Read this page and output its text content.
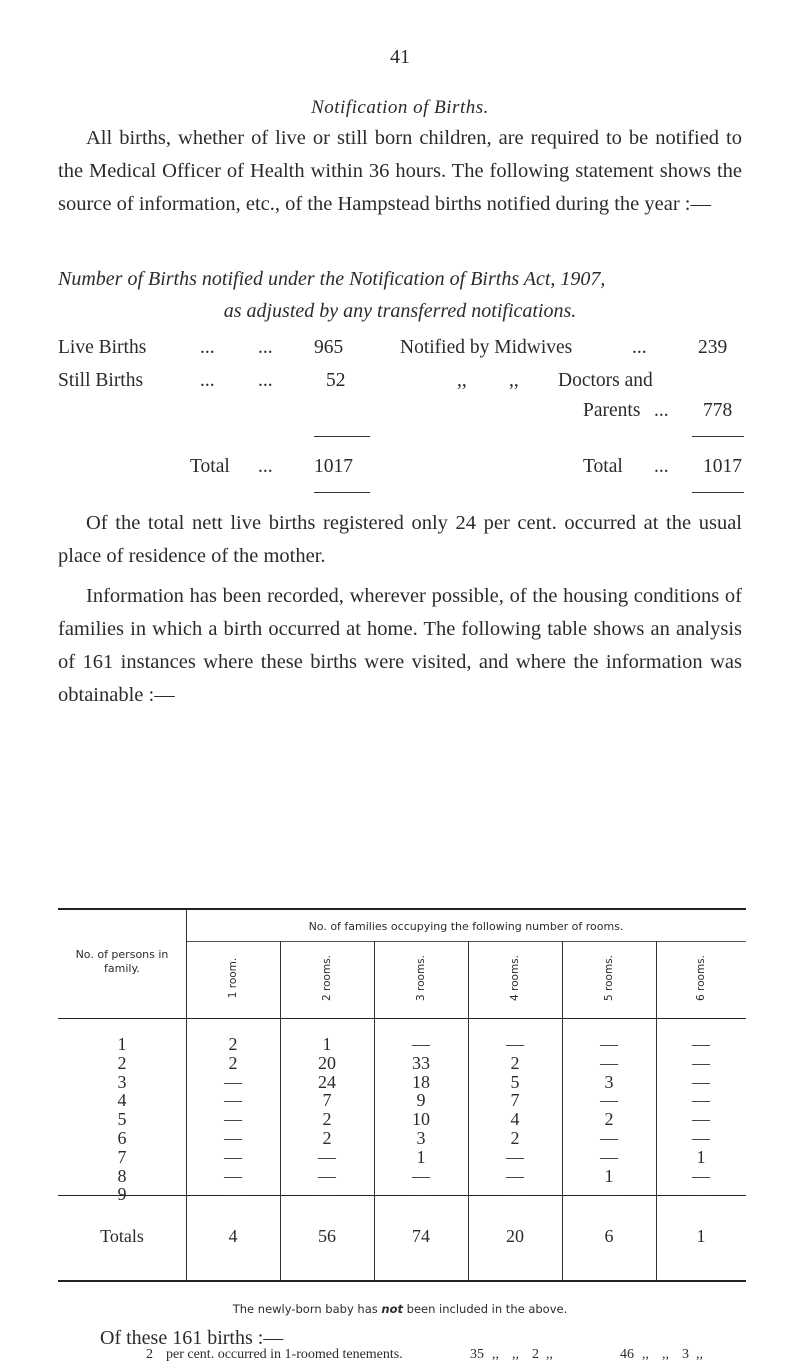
41
Notification of Births.
All births, whether of live or still born children, are required to be notified to the Medical Officer of Health within 36 hours. The following statement shows the source of information, etc., of the Hampstead births notified during the year :—
Number of Births notified under the Notification of Births Act, 1907,
as adjusted by any transferred notifications.
Live Births	... ... 965	Notified by Midwives	...	239
Still Births	... ...	52	,, ,, Doctors and
Parents ... 778
Total ... 1017	Total ... 1017
Of the total nett live births registered only 24 per cent. occurred at the usual place of residence of the mother.
Information has been recorded, wherever possible, of the housing conditions of families in which a birth occurred at home. The following table shows an analysis of 161 instances where these births were visited, and where the information was obtainable :—
No. of persons in family.
No. of families occupying the following number of rooms.
1 room.	2 rooms.	3 rooms.	4 rooms.	5 rooms.	6 rooms.
1	2	1	—	—	—	—
2	2	20	33	2	—	—
3	—	24	18	5	3	—
4	—	7	9	7	—	—
5	—	2	10	4	2	—
6	—	2	3	2	—	—
7	—	—	1	—	—	1
8	—	—	—	—	1	—
9	—	—	—	—	—	—
Totals	4	56	74	20	6	1
The newly-born baby has not been included in the above.
Of these 161 births :—
2 per cent. occurred in 1-roomed tenements.	35 ,, ,, 2 ,,	46 ,, ,, 3 ,,
